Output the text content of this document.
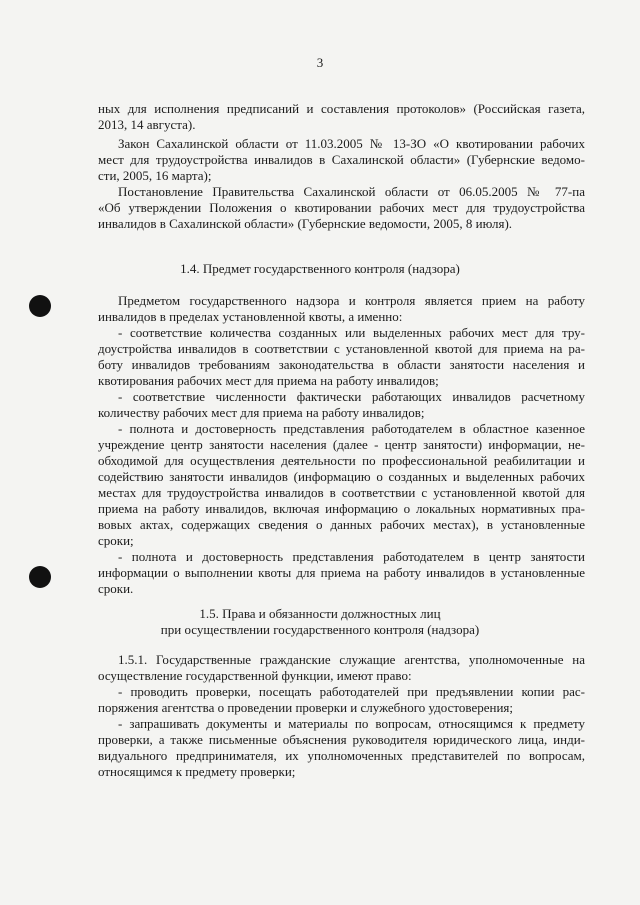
3
ных для исполнения предписаний и составления протоколов» (Российская газета,
2013, 14 августа).
Закон Сахалинской области от 11.03.2005 № 13-ЗО «О квотировании рабочих
мест для трудоустройства инвалидов в Сахалинской области» (Губернские ведомо-
сти, 2005, 16 марта);
Постановление Правительства Сахалинской области от 06.05.2005 № 77-па
«Об утверждении Положения о квотировании рабочих мест для трудоустройства
инвалидов в Сахалинской области» (Губернские ведомости, 2005, 8 июля).
1.4. Предмет государственного контроля (надзора)
Предметом государственного надзора и контроля является прием на работу
инвалидов в пределах установленной квоты, а именно:
- соответствие количества созданных или выделенных рабочих мест для тру-
доустройства инвалидов в соответствии с установленной квотой для приема на ра-
боту инвалидов требованиям законодательства в области занятости населения и
квотирования рабочих мест для приема на работу инвалидов;
- соответствие численности фактически работающих инвалидов расчетному
количеству рабочих мест для приема на работу инвалидов;
- полнота и достоверность представления работодателем в областное казенное
учреждение центр занятости населения (далее - центр занятости) информации, не-
обходимой для осуществления деятельности по профессиональной реабилитации и
содействию занятости инвалидов (информацию о созданных и выделенных рабочих
местах для трудоустройства инвалидов в соответствии с установленной квотой для
приема на работу инвалидов, включая информацию о локальных нормативных пра-
вовых актах, содержащих сведения о данных рабочих местах), в установленные
сроки;
- полнота и достоверность представления работодателем в центр занятости
информации о выполнении квоты для приема на работу инвалидов в установленные
сроки.
1.5. Права и обязанности должностных лиц
при осуществлении государственного контроля (надзора)
1.5.1. Государственные гражданские служащие агентства, уполномоченные на
осуществление государственной функции, имеют право:
- проводить проверки, посещать работодателей при предъявлении копии рас-
поряжения агентства о проведении проверки и служебного удостоверения;
- запрашивать документы и материалы по вопросам, относящимся к предмету
проверки, а также письменные объяснения руководителя юридического лица, инди-
видуального предпринимателя, их уполномоченных представителей по вопросам,
относящимся к предмету проверки;
